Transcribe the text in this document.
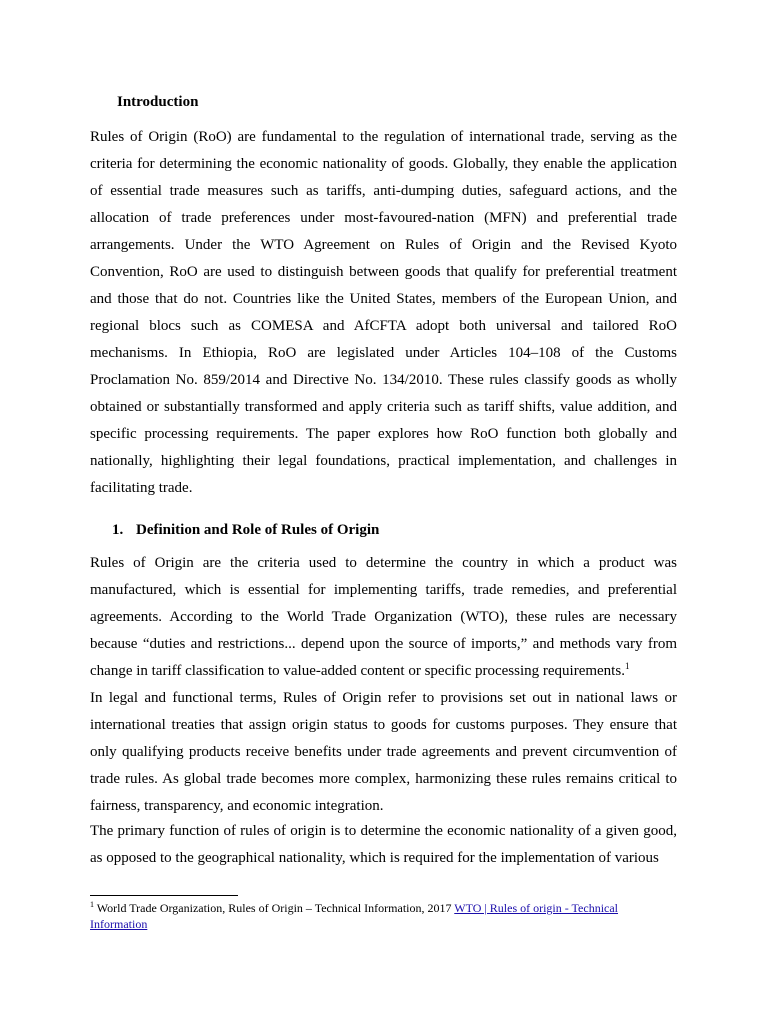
Introduction

Rules of Origin (RoO) are fundamental to the regulation of international trade, serving as the criteria for determining the economic nationality of goods. Globally, they enable the application of essential trade measures such as tariffs, anti-dumping duties, safeguard actions, and the allocation of trade preferences under most-favoured-nation (MFN) and preferential trade arrangements. Under the WTO Agreement on Rules of Origin and the Revised Kyoto Convention, RoO are used to distinguish between goods that qualify for preferential treatment and those that do not. Countries like the United States, members of the European Union, and regional blocs such as COMESA and AfCFTA adopt both universal and tailored RoO mechanisms. In Ethiopia, RoO are legislated under Articles 104–108 of the Customs Proclamation No. 859/2014 and Directive No. 134/2010. These rules classify goods as wholly obtained or substantially transformed and apply criteria such as tariff shifts, value addition, and specific processing requirements. The paper explores how RoO function both globally and nationally, highlighting their legal foundations, practical implementation, and challenges in facilitating trade.

1. Definition and Role of Rules of Origin

Rules of Origin are the criteria used to determine the country in which a product was manufactured, which is essential for implementing tariffs, trade remedies, and preferential agreements. According to the World Trade Organization (WTO), these rules are necessary because “duties and restrictions... depend upon the source of imports,” and methods vary from change in tariff classification to value-added content or specific processing requirements.$^1$

In legal and functional terms, Rules of Origin refer to provisions set out in national laws or international treaties that assign origin status to goods for customs purposes. They ensure that only qualifying products receive benefits under trade agreements and prevent circumvention of trade rules. As global trade becomes more complex, harmonizing these rules remains critical to fairness, transparency, and economic integration.

The primary function of rules of origin is to determine the economic nationality of a given good, as opposed to the geographical nationality, which is required for the implementation of various

$^1$ World Trade Organization, Rules of Origin – Technical Information, 2017 WTO | Rules of origin - Technical Information
